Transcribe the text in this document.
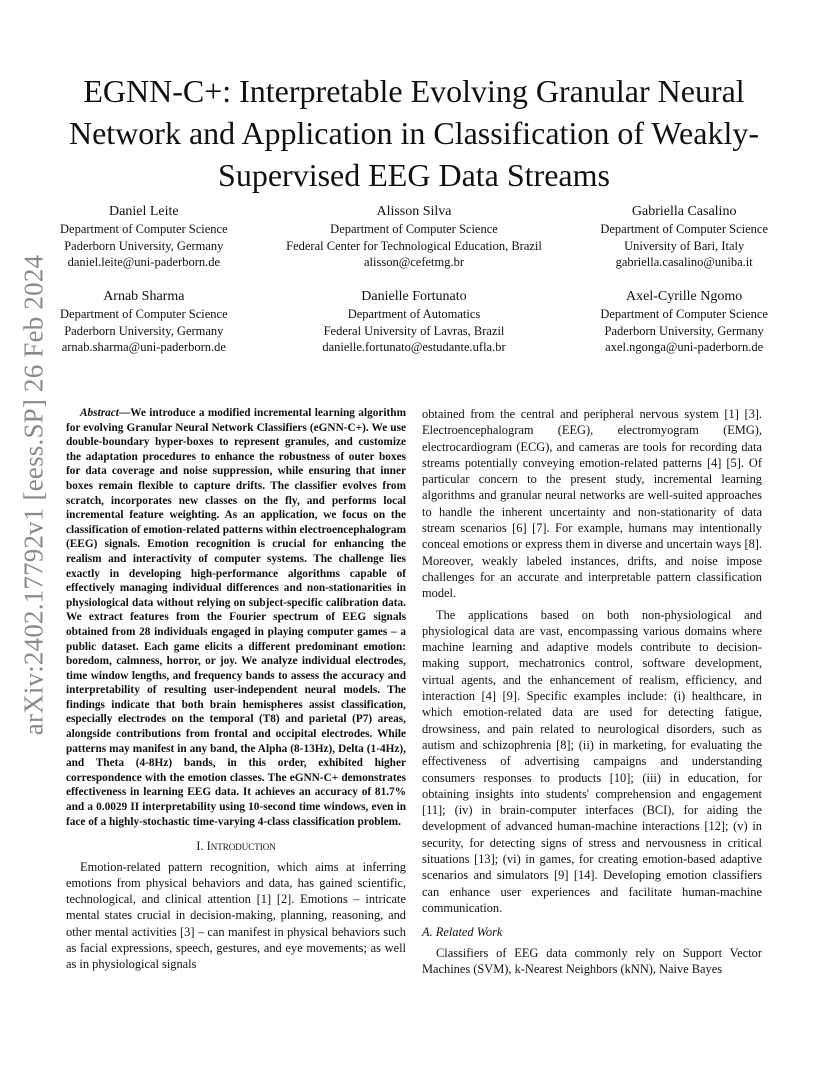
arXiv:2402.17792v1 [eess.SP] 26 Feb 2024
EGNN-C+: Interpretable Evolving Granular Neural Network and Application in Classification of Weakly-Supervised EEG Data Streams
Daniel Leite
Department of Computer Science
Paderborn University, Germany
daniel.leite@uni-paderborn.de
Alisson Silva
Department of Computer Science
Federal Center for Technological Education, Brazil
alisson@cefetmg.br
Gabriella Casalino
Department of Computer Science
University of Bari, Italy
gabriella.casalino@uniba.it
Arnab Sharma
Department of Computer Science
Paderborn University, Germany
arnab.sharma@uni-paderborn.de
Danielle Fortunato
Department of Automatics
Federal University of Lavras, Brazil
danielle.fortunato@estudante.ufla.br
Axel-Cyrille Ngomo
Department of Computer Science
Paderborn University, Germany
axel.ngonga@uni-paderborn.de

Abstract—We introduce a modified incremental learning algorithm for evolving Granular Neural Network Classifiers (eGNN-C+). We use double-boundary hyper-boxes to represent granules, and customize the adaptation procedures to enhance the robustness of outer boxes for data coverage and noise suppression, while ensuring that inner boxes remain flexible to capture drifts. The classifier evolves from scratch, incorporates new classes on the fly, and performs local incremental feature weighting. As an application, we focus on the classification of emotion-related patterns within electroencephalogram (EEG) signals. Emotion recognition is crucial for enhancing the realism and interactivity of computer systems. The challenge lies exactly in developing high-performance algorithms capable of effectively managing individual differences and non-stationarities in physiological data without relying on subject-specific calibration data. We extract features from the Fourier spectrum of EEG signals obtained from 28 individuals engaged in playing computer games – a public dataset. Each game elicits a different predominant emotion: boredom, calmness, horror, or joy. We analyze individual electrodes, time window lengths, and frequency bands to assess the accuracy and interpretability of resulting user-independent neural models. The findings indicate that both brain hemispheres assist classification, especially electrodes on the temporal (T8) and parietal (P7) areas, alongside contributions from frontal and occipital electrodes. While patterns may manifest in any band, the Alpha (8-13Hz), Delta (1-4Hz), and Theta (4-8Hz) bands, in this order, exhibited higher correspondence with the emotion classes. The eGNN-C+ demonstrates effectiveness in learning EEG data. It achieves an accuracy of 81.7% and a 0.0029 II interpretability using 10-second time windows, even in face of a highly-stochastic time-varying 4-class classification problem.

I. Introduction

Emotion-related pattern recognition, which aims at inferring emotions from physical behaviors and data, has gained scientific, technological, and clinical attention [1] [2]. Emotions – intricate mental states crucial in decision-making, planning, reasoning, and other mental activities [3] – can manifest in physical behaviors such as facial expressions, speech, gestures, and eye movements; as well as in physiological signals

obtained from the central and peripheral nervous system [1] [3]. Electroencephalogram (EEG), electromyogram (EMG), electrocardiogram (ECG), and cameras are tools for recording data streams potentially conveying emotion-related patterns [4] [5]. Of particular concern to the present study, incremental learning algorithms and granular neural networks are well-suited approaches to handle the inherent uncertainty and non-stationarity of data stream scenarios [6] [7]. For example, humans may intentionally conceal emotions or express them in diverse and uncertain ways [8]. Moreover, weakly labeled instances, drifts, and noise impose challenges for an accurate and interpretable pattern classification model.

The applications based on both non-physiological and physiological data are vast, encompassing various domains where machine learning and adaptive models contribute to decision-making support, mechatronics control, software development, virtual agents, and the enhancement of realism, efficiency, and interaction [4] [9]. Specific examples include: (i) healthcare, in which emotion-related data are used for detecting fatigue, drowsiness, and pain related to neurological disorders, such as autism and schizophrenia [8]; (ii) in marketing, for evaluating the effectiveness of advertising campaigns and understanding consumers responses to products [10]; (iii) in education, for obtaining insights into students' comprehension and engagement [11]; (iv) in brain-computer interfaces (BCI), for aiding the development of advanced human-machine interactions [12]; (v) in security, for detecting signs of stress and nervousness in critical situations [13]; (vi) in games, for creating emotion-based adaptive scenarios and simulators [9] [14]. Developing emotion classifiers can enhance user experiences and facilitate human-machine communication.

A. Related Work

Classifiers of EEG data commonly rely on Support Vector Machines (SVM), k-Nearest Neighbors (kNN), Naive Bayes
